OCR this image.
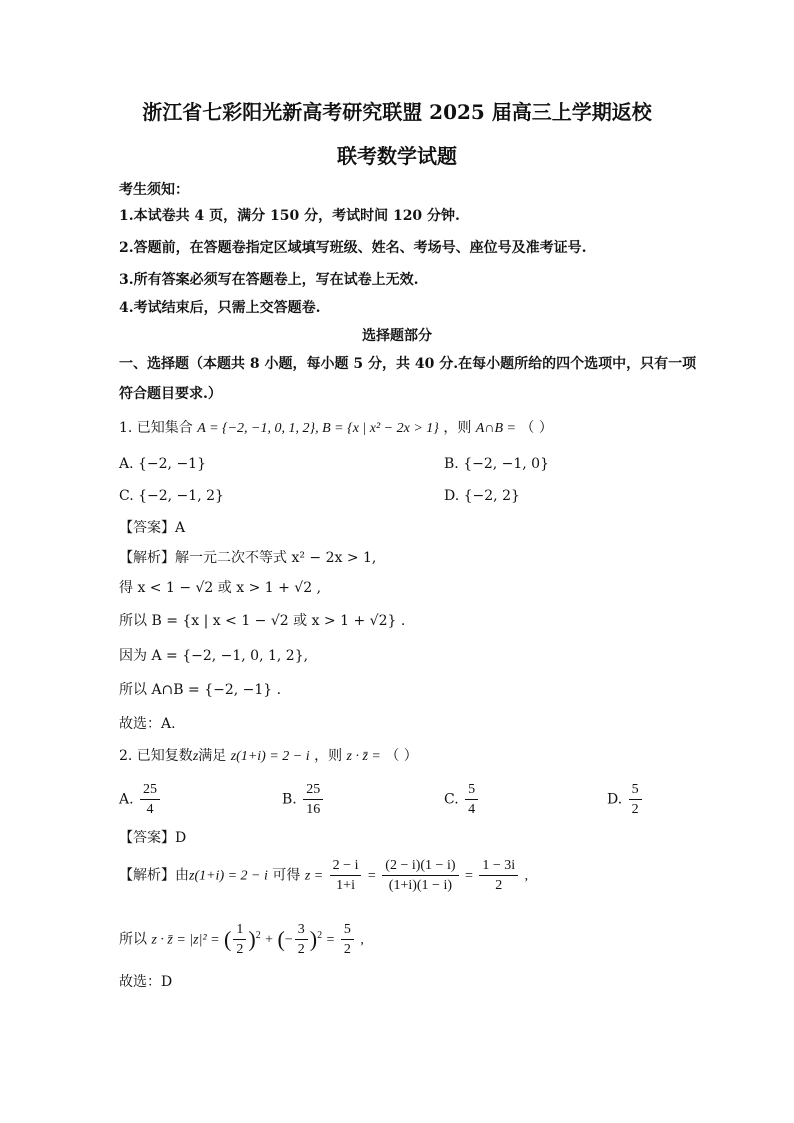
浙江省七彩阳光新高考研究联盟 2025 届高三上学期返校
联考数学试题
考生须知：
1.本试卷共 4 页，满分 150 分，考试时间 120 分钟.
2.答题前，在答题卷指定区域填写班级、姓名、考场号、座位号及准考证号.
3.所有答案必须写在答题卷上，写在试卷上无效.
4.考试结束后，只需上交答题卷.
选择题部分
一、选择题（本题共 8 小题，每小题 5 分，共 40 分.在每小题所给的四个选项中，只有一项
符合题目要求.）
1. 已知集合 A = {−2, −1, 0, 1, 2}, B = {x | x² − 2x > 1} ，则 A∩B = （ ）
A. {−2, −1}	B. {−2, −1, 0}
C. {−2, −1, 2}	D. {−2, 2}
【答案】A
【解析】解一元二次不等式 x² − 2x > 1,
得 x < 1 − √2 或 x > 1 + √2 ,
所以 B = {x | x < 1 − √2 或 x > 1 + √2} .
因为 A = {−2, −1, 0, 1, 2},
所以 A∩B = {−2, −1} .
故选：A.
2. 已知复数z满足 z(1+i) = 2 − i ，则 z · z̄ = （ ）
A. $\frac{25}{4}$	B. $\frac{25}{16}$	C. $\frac{5}{4}$	D. $\frac{5}{2}$
【答案】D
【解析】由z(1+i) = 2 − i 可得 $z = \frac{2 - i}{1+i} = \frac{(2 - i)(1 - i)}{(1+i)(1 - i)} = \frac{1 - 3i}{2}$ ,
所以 z · z̄ = |z|² = ( $\frac{1}{2} )^2$ + (− $\frac{3}{2} )^2 = \frac{5}{2}$ ,
故选：D
